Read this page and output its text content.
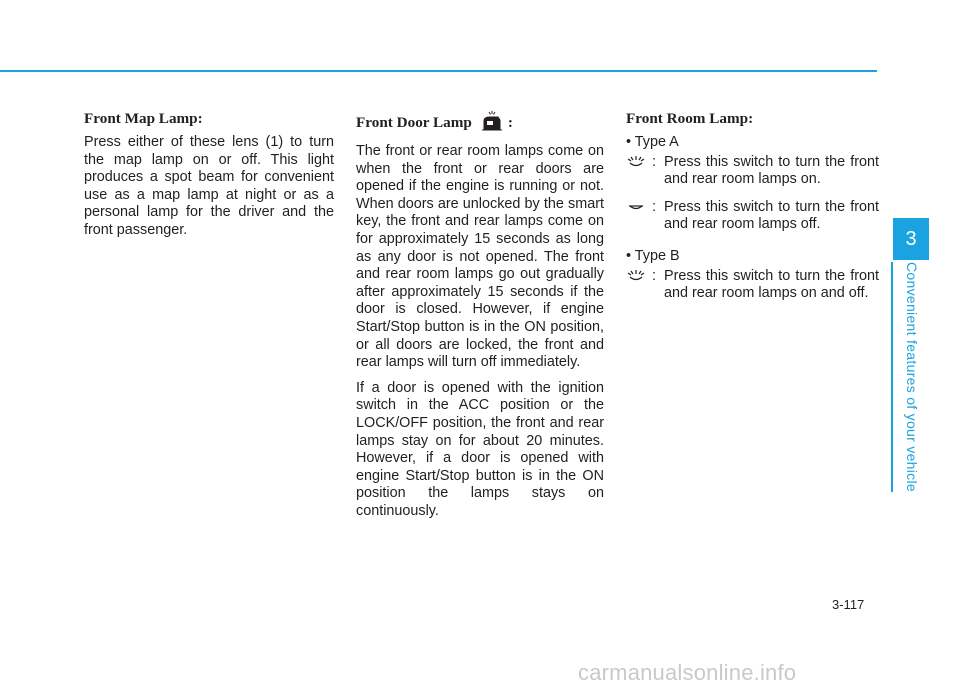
Front Map Lamp:

Press either of these lens (1) to turn the map lamp on or off. This light produces a spot beam for convenient use as a map lamp at night or as a personal lamp for the driver and the front passenger.

Front Door Lamp :

The front or rear room lamps come on when the front or rear doors are opened if the engine is running or not. When doors are unlocked by the smart key, the front and rear lamps come on for approximately 15 seconds as long as any door is not opened. The front and rear room lamps go out gradually after approximately 15 seconds if the door is closed. However, if engine Start/Stop button is in the ON position, or all doors are locked, the front and rear lamps will turn off immediately.

If a door is opened with the ignition switch in the ACC position or the LOCK/OFF position, the front and rear lamps stay on for about 20 minutes. However, if a door is opened with engine Start/Stop button is in the ON position the lamps stays on continuously.

Front Room Lamp:
• Type A
: Press this switch to turn the front and rear room lamps on.
: Press this switch to turn the front and rear room lamps off.
• Type B
: Press this switch to turn the front and rear room lamps on and off.
3
Convenient features of your vehicle
3-117
carmanualsonline.info
